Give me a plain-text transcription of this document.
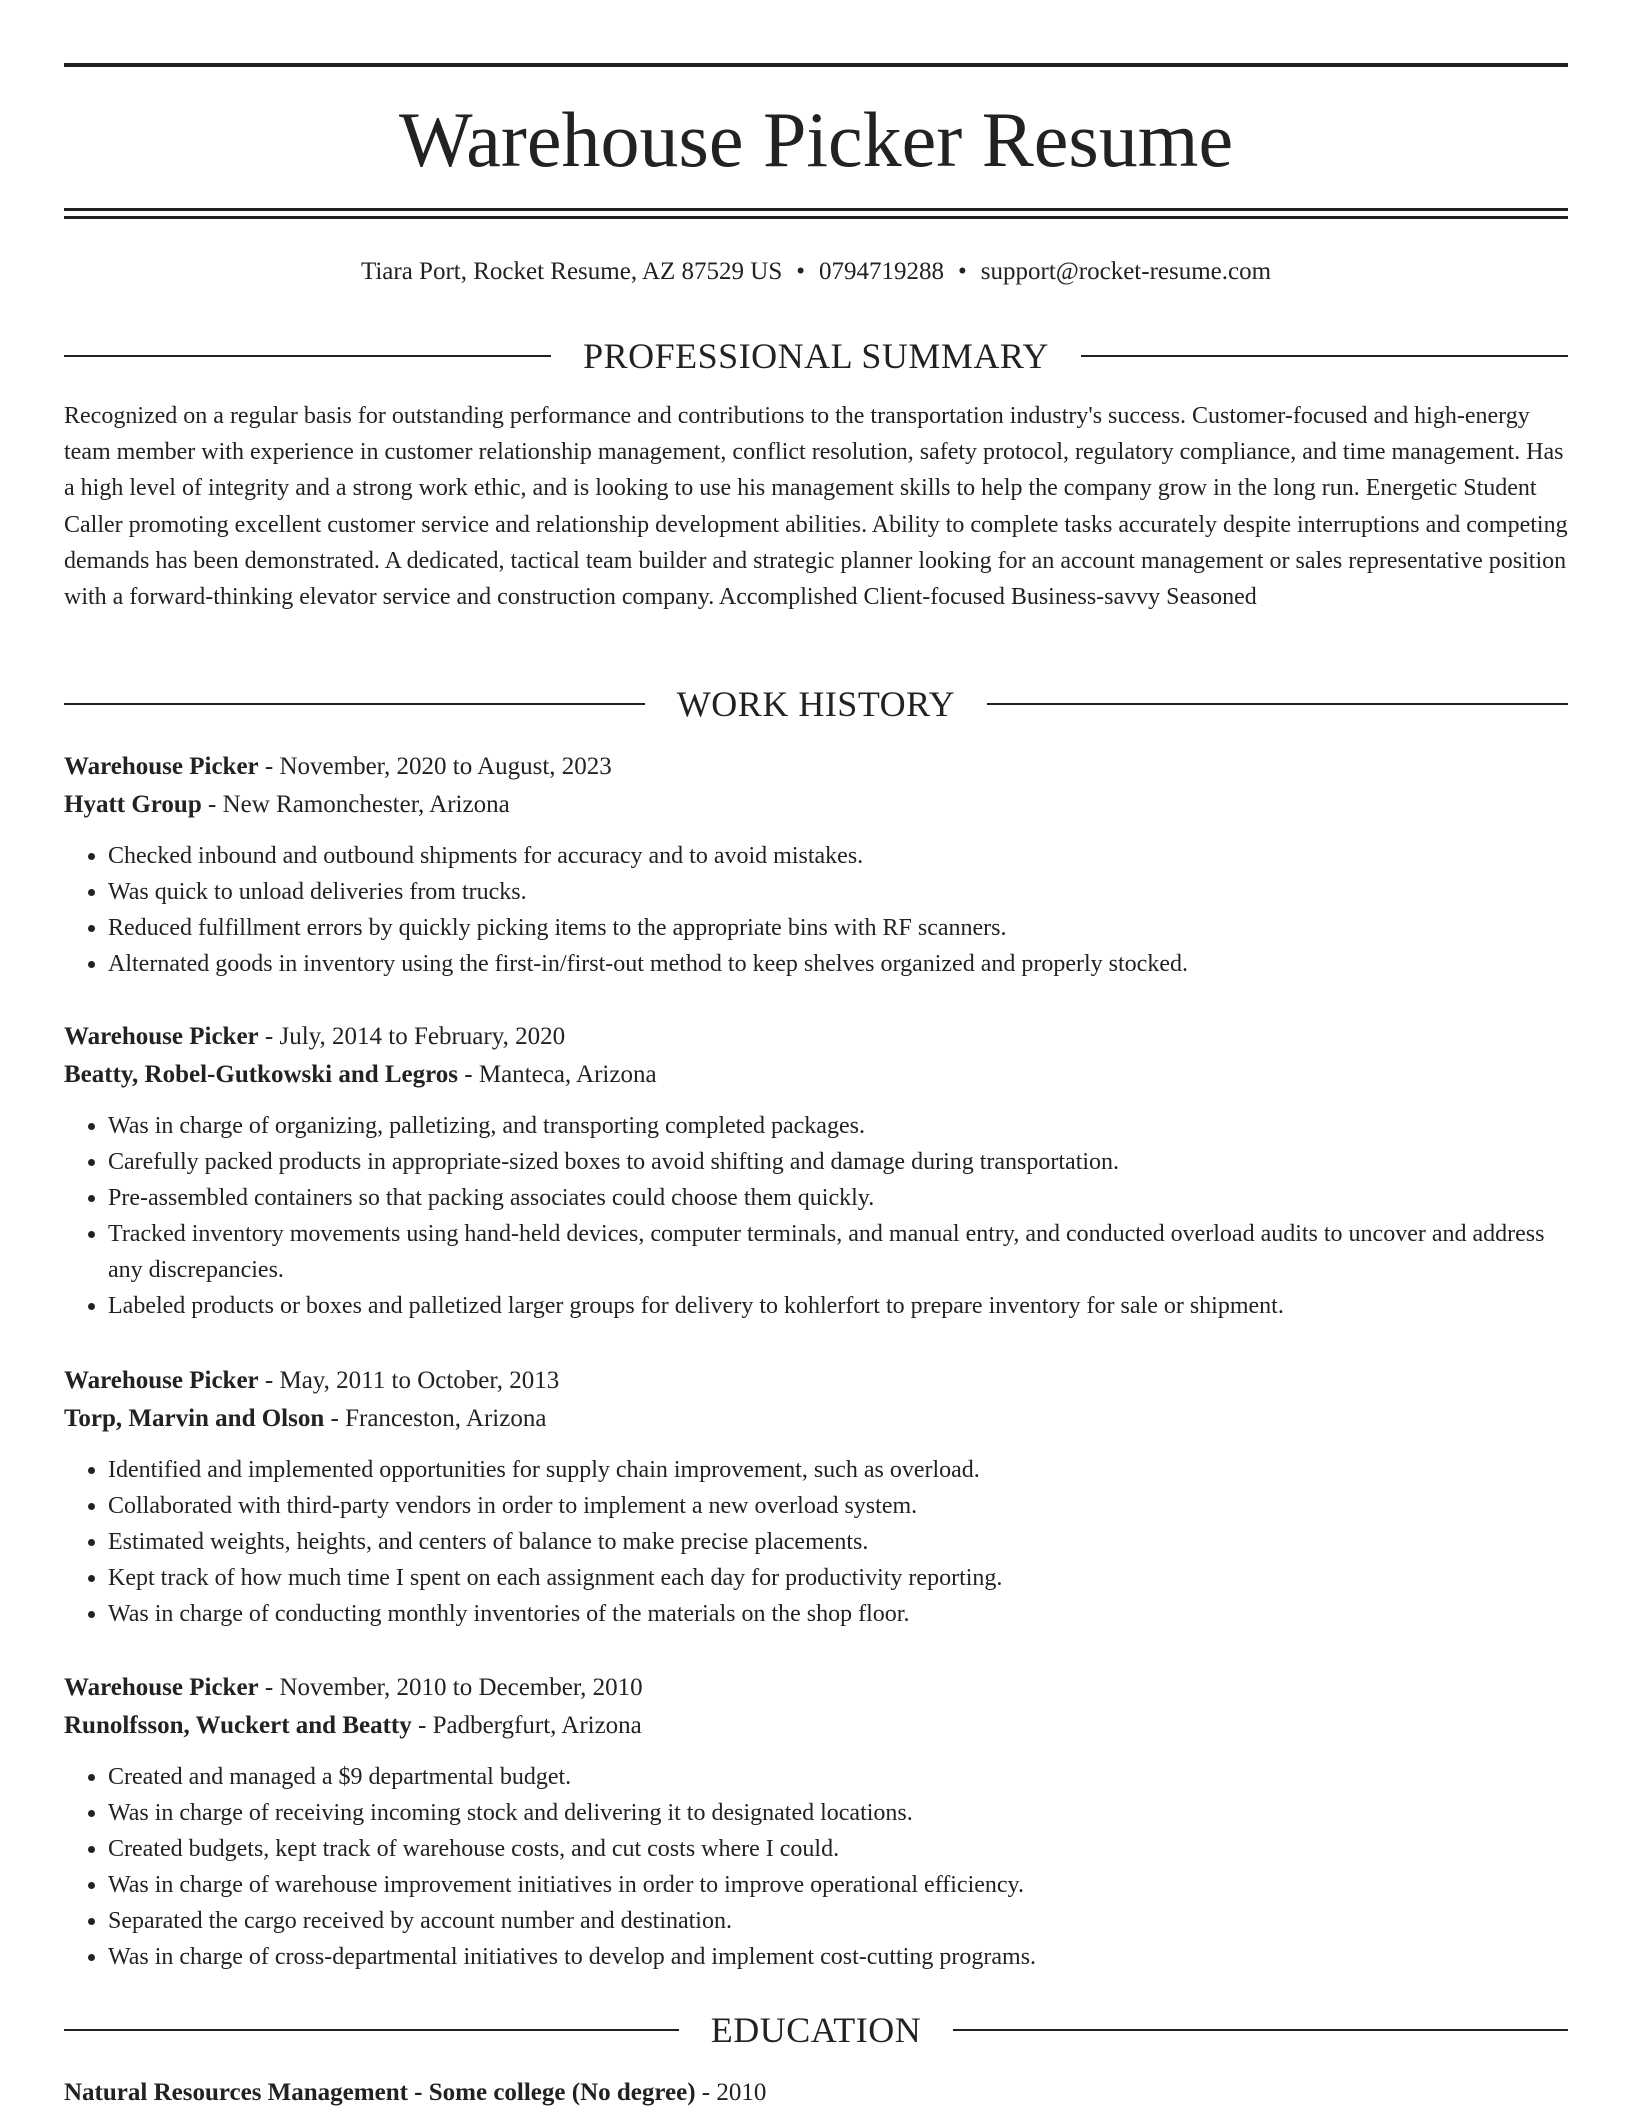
Warehouse Picker Resume
Tiara Port, Rocket Resume, AZ 87529 US • 0794719288 • support@rocket-resume.com
PROFESSIONAL SUMMARY

Recognized on a regular basis for outstanding performance and contributions to the transportation industry's success. Customer-focused and high-energy team member with experience in customer relationship management, conflict resolution, safety protocol, regulatory compliance, and time management. Has a high level of integrity and a strong work ethic, and is looking to use his management skills to help the company grow in the long run. Energetic Student Caller promoting excellent customer service and relationship development abilities. Ability to complete tasks accurately despite interruptions and competing demands has been demonstrated. A dedicated, tactical team builder and strategic planner looking for an account management or sales representative position with a forward-thinking elevator service and construction company. Accomplished Client-focused Business-savvy Seasoned

WORK HISTORY
Warehouse Picker - November, 2020 to August, 2023
Hyatt Group - New Ramonchester, Arizona
• Checked inbound and outbound shipments for accuracy and to avoid mistakes.
• Was quick to unload deliveries from trucks.
• Reduced fulfillment errors by quickly picking items to the appropriate bins with RF scanners.
• Alternated goods in inventory using the first-in/first-out method to keep shelves organized and properly stocked.
Warehouse Picker - July, 2014 to February, 2020
Beatty, Robel-Gutkowski and Legros - Manteca, Arizona
• Was in charge of organizing, palletizing, and transporting completed packages.
• Carefully packed products in appropriate-sized boxes to avoid shifting and damage during transportation.
• Pre-assembled containers so that packing associates could choose them quickly.
• Tracked inventory movements using hand-held devices, computer terminals, and manual entry, and conducted overload audits to uncover and address any discrepancies.
• Labeled products or boxes and palletized larger groups for delivery to kohlerfort to prepare inventory for sale or shipment.
Warehouse Picker - May, 2011 to October, 2013
Torp, Marvin and Olson - Franceston, Arizona
• Identified and implemented opportunities for supply chain improvement, such as overload.
• Collaborated with third-party vendors in order to implement a new overload system.
• Estimated weights, heights, and centers of balance to make precise placements.
• Kept track of how much time I spent on each assignment each day for productivity reporting.
• Was in charge of conducting monthly inventories of the materials on the shop floor.
Warehouse Picker - November, 2010 to December, 2010
Runolfsson, Wuckert and Beatty - Padbergfurt, Arizona
• Created and managed a $9 departmental budget.
• Was in charge of receiving incoming stock and delivering it to designated locations.
• Created budgets, kept track of warehouse costs, and cut costs where I could.
• Was in charge of warehouse improvement initiatives in order to improve operational efficiency.
• Separated the cargo received by account number and destination.
• Was in charge of cross-departmental initiatives to develop and implement cost-cutting programs.
EDUCATION
Natural Resources Management - Some college (No degree) - 2010
